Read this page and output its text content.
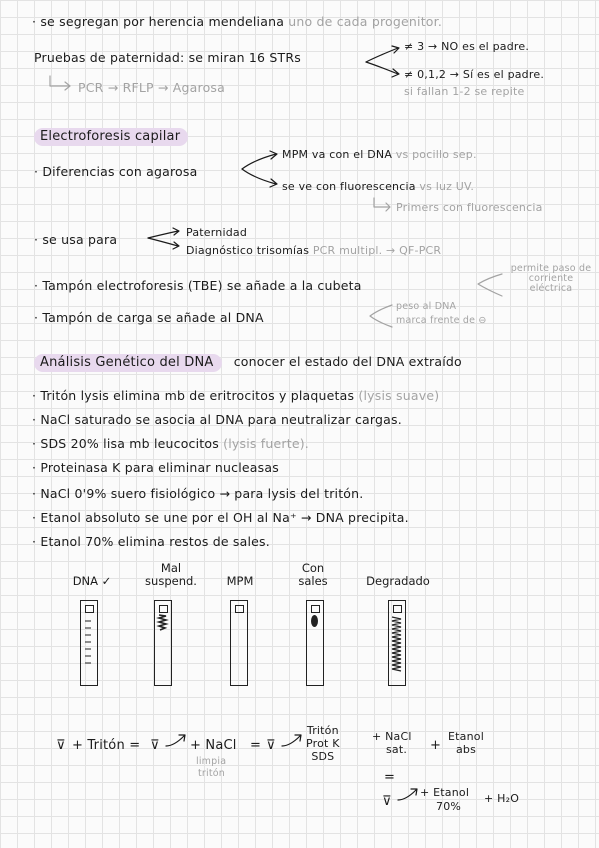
· se segregan por herencia mendeliana uno de cada progenitor.
Pruebas de paternidad: se miran 16 STRs
≠ 3 → NO es el padre.
≠ 0,1,2 → Sí es el padre.
si fallan 1-2 se repite
PCR → RFLP → Agarosa
Electroforesis capilar
· Diferencias con agarosa
MPM va con el DNA vs pocillo sep.
se ve con fluorescencia vs luz UV.
Primers con fluorescencia
· se usa para	Paternidad
Diagnóstico trisomías PCR multipl. → QF-PCR
· Tampón electroforesis (TBE) se añade a la cubeta
permite paso de corriente eléctrica
· Tampón de carga se añade al DNA
peso al DNA
marca frente de ⊖
Análisis Genético del DNA conocer el estado del DNA extraído
· Tritón lysis elimina mb de eritrocitos y plaquetas (lysis suave)
· NaCl saturado se asocia al DNA para neutralizar cargas.
· SDS 20% lisa mb leucocitos (lysis fuerte).
· Proteinasa K para eliminar nucleasas
· NaCl 0'9% suero fisiológico → para lysis del tritón.
· Etanol absoluto se une por el OH al Na⁺ → DNA precipita.
· Etanol 70% elimina restos de sales.
DNA ✓
Mal
suspend.	MPM
Con
sales	Degradado
⊽ + Tritón = ⊽ + NaCl
limpia
tritón
= ⊽
Tritón
Prot K
SDS
+ NaCl
sat.	+
Etanol
abs
=
⊽
+ Etanol
70%
+ H₂O
